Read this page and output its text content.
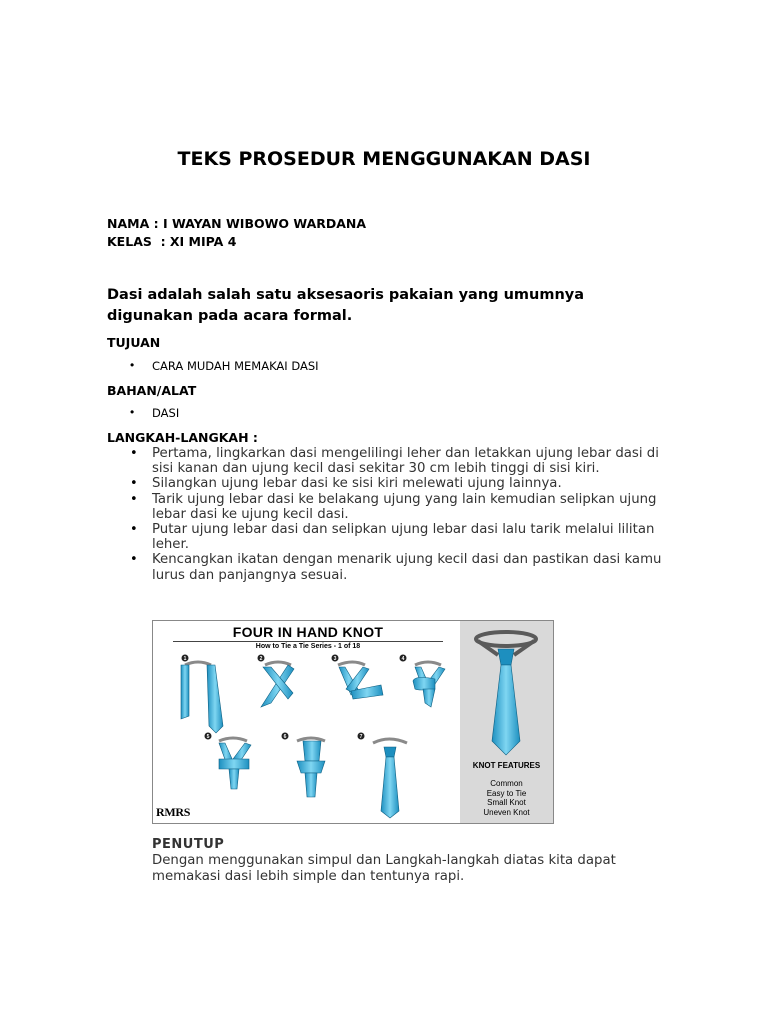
TEKS PROSEDUR MENGGUNAKAN DASI
NAMA : I WAYAN WIBOWO WARDANA
KELAS  : XI MIPA 4
Dasi adalah salah satu aksesaoris pakaian yang umumnya digunakan pada acara formal.
TUJUAN
• CARA MUDAH MEMAKAI DASI
BAHAN/ALAT
• DASI
LANGKAH-LANGKAH :
• Pertama, lingkarkan dasi mengelilingi leher dan letakkan ujung lebar dasi di sisi kanan dan ujung kecil dasi sekitar 30 cm lebih tinggi di sisi kiri.
• Silangkan ujung lebar dasi ke sisi kiri melewati ujung lainnya.
• Tarik ujung lebar dasi ke belakang ujung yang lain kemudian selipkan ujung lebar dasi ke ujung kecil dasi.
• Putar ujung lebar dasi dan selipkan ujung lebar dasi lalu tarik melalui lilitan leher.
• Kencangkan ikatan dengan menarik ujung kecil dasi dan pastikan dasi kamu lurus dan panjangnya sesuai.
FOUR IN HAND KNOT
How to Tie a Tie Series - 1 of 18
1	2	3	4
5	6	7
RMRS
KNOT FEATURES
Common
Easy to Tie
Small Knot
Uneven Knot
PENUTUP
Dengan menggunakan simpul dan Langkah-langkah diatas kita dapat memakasi dasi lebih simple dan tentunya rapi.
